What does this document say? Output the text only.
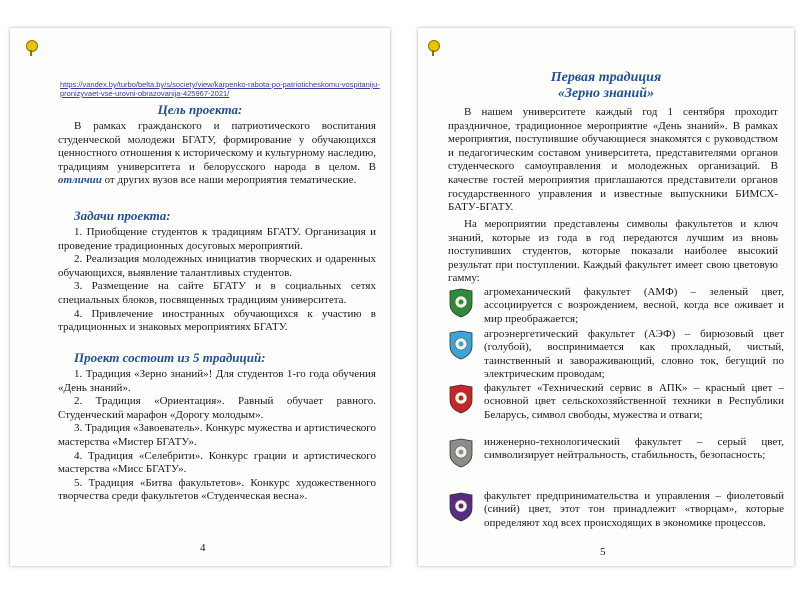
https://vandex.by/turbo/belta.by/s/society/view/karpenko-rabota-po-patrioticheskomu-vospitaniju-pronizyvaet-vse-urovni-obrazovanija-425967-2021/
Цель проекта:
В рамках гражданского и патриотического воспитания студенческой молодежи БГАТУ, формирование у обучающихся ценностного отношения к историческому и культурному наследию, традициям университета и белорусского народа в целом. В отличии от других вузов все наши мероприятия тематические.
Задачи проекта:
1. Приобщение студентов к традициям БГАТУ. Организация и проведение традиционных досуговых мероприятий.
2. Реализация молодежных инициатив творческих и одаренных обучающихся, выявление талантливых студентов.
3. Размещение на сайте БГАТУ и в социальных сетях специальных блоков, посвященных традициям университета.
4. Привлечение иностранных обучающихся к участию в традиционных и знаковых мероприятиях БГАТУ.
Проект состоит из 5 традиций:
1. Традиция «Зерно знаний»! Для студентов 1-го года обучения «День знаний».
2. Традиция «Ориентация». Равный обучает равного. Студенческий марафон «Дорогу молодым».
3. Традиция «Завоеватель». Конкурс мужества и артистического мастерства «Мистер БГАТУ».
4. Традиция «Селебрити». Конкурс грации и артистического мастерства «Мисс БГАТУ».
5. Традиция «Битва факультетов». Конкурс художественного творчества среди факультетов «Студенческая весна».
4
Первая традиция
«Зерно знаний»
В нашем университете каждый год 1 сентября проходит праздничное, традиционное мероприятие «День знаний». В рамках мероприятия, поступившие обучающиеся знакомятся с руководством и педагогическим составом университета, представителями органов студенческого самоуправления и молодежных организаций. В качестве гостей мероприятия приглашаются представители органов государственного управления и известные выпускники БИМСХ-БАТУ-БГАТУ.
На мероприятии представлены символы факультетов и ключ знаний, которые из года в год передаются лучшим из вновь поступивших студентов, которые показали наиболее высокий результат при поступлении. Каждый факультет имеет свою цветовую гамму:
агромеханический факультет (АМФ) – зеленый цвет, ассоциируется с возрождением, весной, когда все оживает и мир преображается;
агроэнергетический факультет (АЭФ) – бирюзовый цвет (голубой), воспринимается как прохладный, чистый, таинственный и завораживающий, словно ток, бегущий по электрическим проводам;
факультет «Технический сервис в АПК» – красный цвет – основной цвет сельскохозяйственной техники в Республики Беларусь, символ свободы, мужества и отваги;
инженерно-технологический факультет – серый цвет, символизирует нейтральность, стабильность, безопасность;
факультет предпринимательства и управления – фиолетовый (синий) цвет, этот тон принадлежит «творцам», которые определяют ход всех происходящих в экономике процессов.
5
